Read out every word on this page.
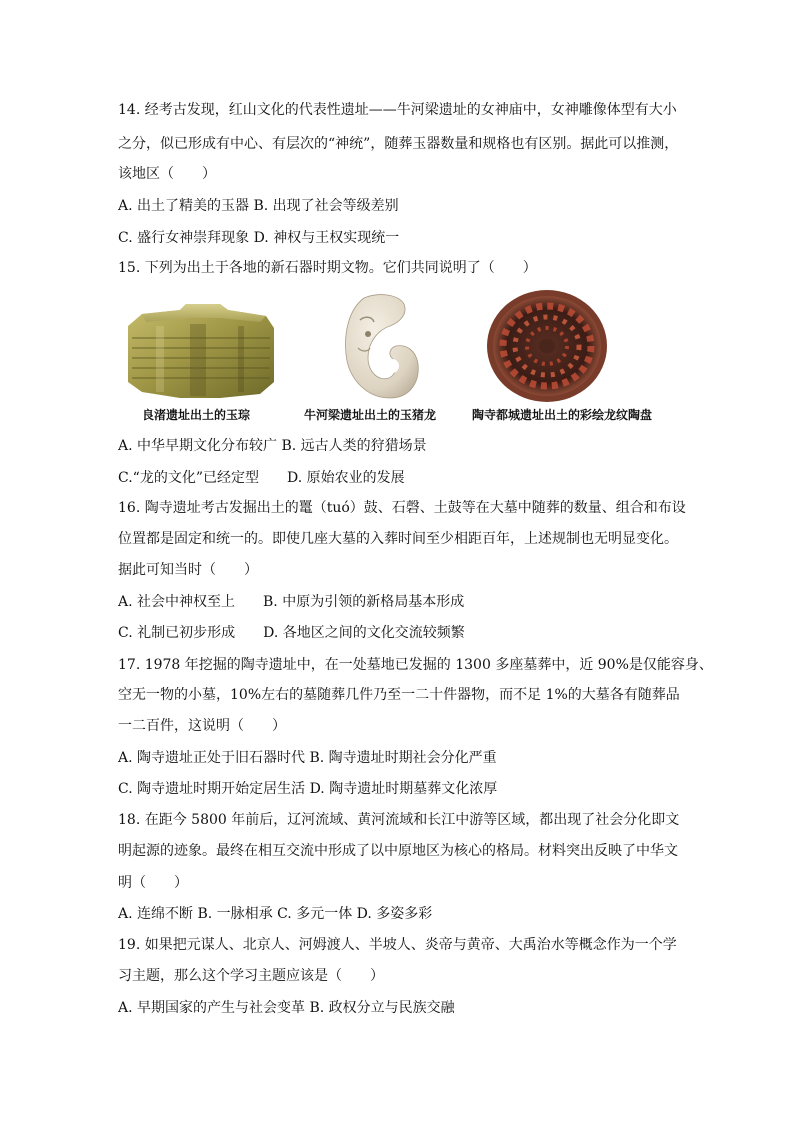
14. 经考古发现，红山文化的代表性遗址——牛河梁遗址的女神庙中，女神雕像体型有大小
之分，似已形成有中心、有层次的“神统”，随葬玉器数量和规格也有区别。据此可以推测，
该地区（　　）
A. 出土了精美的玉器 B. 出现了社会等级差别
C. 盛行女神崇拜现象 D. 神权与王权实现统一
15. 下列为出土于各地的新石器时期文物。它们共同说明了（　　）
良渚遗址出土的玉琮	牛河梁遗址出土的玉猪龙	陶寺都城遗址出土的彩绘龙纹陶盘
A. 中华早期文化分布较广 B. 远古人类的狩猎场景
C.“龙的文化”已经定型　　D. 原始农业的发展
16. 陶寺遗址考古发掘出土的鼍（tuó）鼓、石磬、土鼓等在大墓中随葬的数量、组合和布设
位置都是固定和统一的。即使几座大墓的入葬时间至少相距百年，上述规制也无明显变化。
据此可知当时（　　）
A. 社会中神权至上　　B. 中原为引领的新格局基本形成
C. 礼制已初步形成　　D. 各地区之间的文化交流较频繁
17. 1978 年挖掘的陶寺遗址中，在一处墓地已发掘的 1300 多座墓葬中，近 90%是仅能容身、
空无一物的小墓，10%左右的墓随葬几件乃至一二十件器物，而不足 1%的大墓各有随葬品
一二百件，这说明（　　）
A. 陶寺遗址正处于旧石器时代 B. 陶寺遗址时期社会分化严重
C. 陶寺遗址时期开始定居生活 D. 陶寺遗址时期墓葬文化浓厚
18. 在距今 5800 年前后，辽河流域、黄河流域和长江中游等区域，都出现了社会分化即文
明起源的迹象。最终在相互交流中形成了以中原地区为核心的格局。材料突出反映了中华文
明（　　）
A. 连绵不断 B. 一脉相承 C. 多元一体 D. 多姿多彩
19. 如果把元谋人、北京人、河姆渡人、半坡人、炎帝与黄帝、大禹治水等概念作为一个学
习主题，那么这个学习主题应该是（　　）
A. 早期国家的产生与社会变革 B. 政权分立与民族交融
